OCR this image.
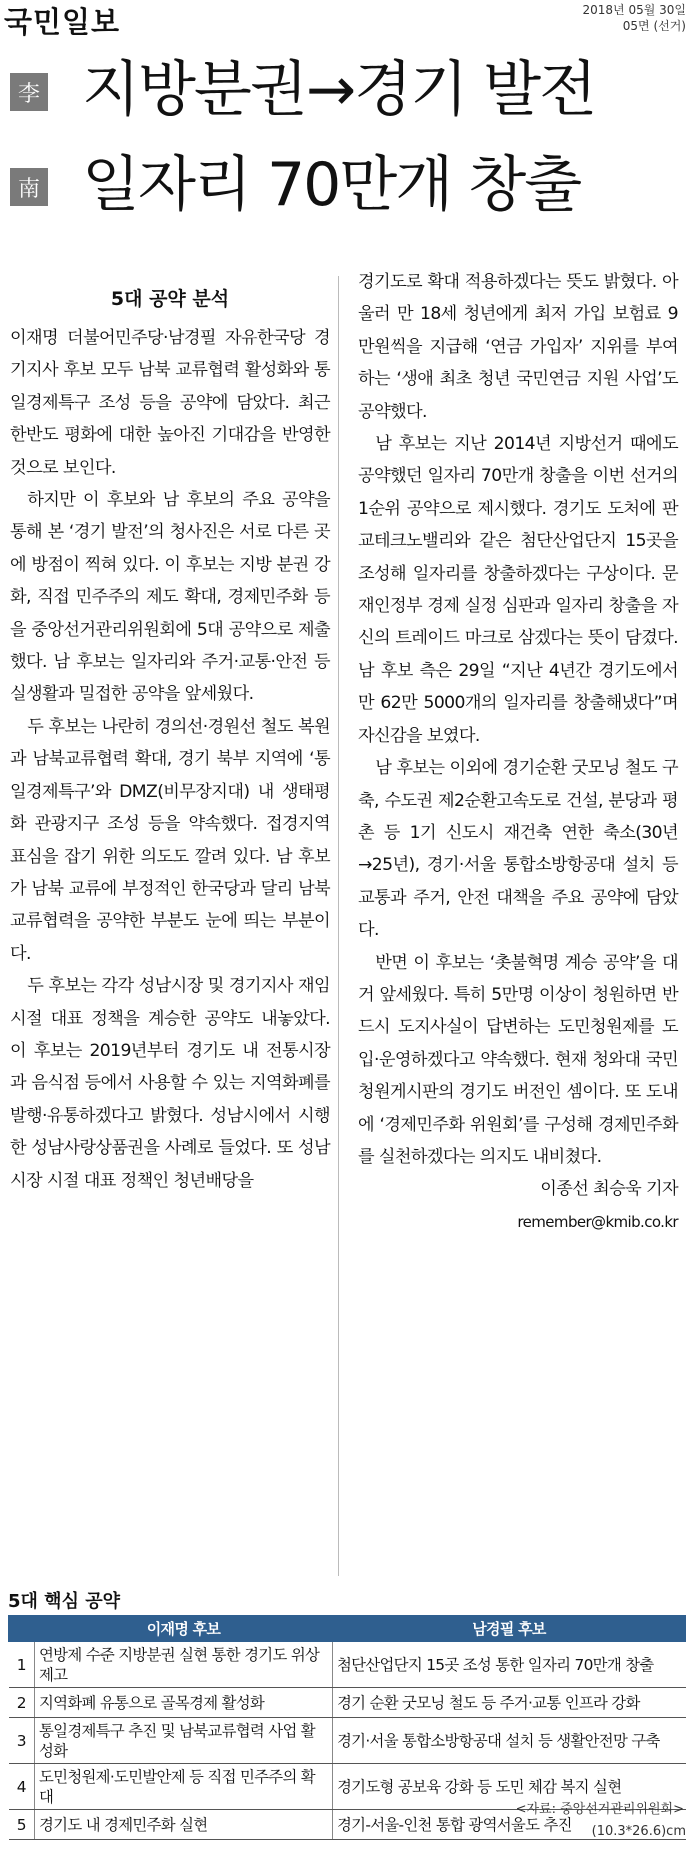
국민일보	2018년 05월 30일
05면 (선거)
李 지방분권→경기 발전
南 일자리 70만개 창출
5대 공약 분석

이재명 더불어민주당·남경필 자유한국당 경기지사 후보 모두 남북 교류협력 활성화와 통일경제특구 조성 등을 공약에 담았다. 최근 한반도 평화에 대한 높아진 기대감을 반영한 것으로 보인다.

하지만 이 후보와 남 후보의 주요 공약을 통해 본 ‘경기 발전’의 청사진은 서로 다른 곳에 방점이 찍혀 있다. 이 후보는 지방 분권 강화, 직접 민주주의 제도 확대, 경제민주화 등을 중앙선거관리위원회에 5대 공약으로 제출했다. 남 후보는 일자리와 주거·교통·안전 등 실생활과 밀접한 공약을 앞세웠다.

두 후보는 나란히 경의선·경원선 철도 복원과 남북교류협력 확대, 경기 북부 지역에 ‘통일경제특구’와 DMZ(비무장지대) 내 생태평화 관광지구 조성 등을 약속했다. 접경지역 표심을 잡기 위한 의도도 깔려 있다. 남 후보가 남북 교류에 부정적인 한국당과 달리 남북 교류협력을 공약한 부분도 눈에 띄는 부분이다.

두 후보는 각각 성남시장 및 경기지사 재임 시절 대표 정책을 계승한 공약도 내놓았다. 이 후보는 2019년부터 경기도 내 전통시장과 음식점 등에서 사용할 수 있는 지역화폐를 발행·유통하겠다고 밝혔다. 성남시에서 시행한 성남사랑상품권을 사례로 들었다. 또 성남시장 시절 대표 정책인 청년배당을

경기도로 확대 적용하겠다는 뜻도 밝혔다. 아울러 만 18세 청년에게 최저 가입 보험료 9만원씩을 지급해 ‘연금 가입자’ 지위를 부여하는 ‘생애 최초 청년 국민연금 지원 사업’도 공약했다.

남 후보는 지난 2014년 지방선거 때에도 공약했던 일자리 70만개 창출을 이번 선거의 1순위 공약으로 제시했다. 경기도 도처에 판교테크노밸리와 같은 첨단산업단지 15곳을 조성해 일자리를 창출하겠다는 구상이다. 문재인정부 경제 실정 심판과 일자리 창출을 자신의 트레이드 마크로 삼겠다는 뜻이 담겼다. 남 후보 측은 29일 “지난 4년간 경기도에서만 62만 5000개의 일자리를 창출해냈다”며 자신감을 보였다.

남 후보는 이외에 경기순환 굿모닝 철도 구축, 수도권 제2순환고속도로 건설, 분당과 평촌 등 1기 신도시 재건축 연한 축소(30년→25년), 경기·서울 통합소방항공대 설치 등 교통과 주거, 안전 대책을 주요 공약에 담았다.

반면 이 후보는 ‘촛불혁명 계승 공약’을 대거 앞세웠다. 특히 5만명 이상이 청원하면 반드시 도지사실이 답변하는 도민청원제를 도입·운영하겠다고 약속했다. 현재 청와대 국민청원게시판의 경기도 버전인 셈이다. 또 도내에 ‘경제민주화 위원회’를 구성해 경제민주화를 실천하겠다는 의지도 내비쳤다.

이종선 최승욱 기자
remember@kmib.co.kr
5대 핵심 공약
	이재명 후보	남경필 후보
1	연방제 수준 지방분권 실현 통한 경기도 위상 제고	첨단산업단지 15곳 조성 통한 일자리 70만개 창출
2	지역화폐 유통으로 골목경제 활성화	경기 순환 굿모닝 철도 등 주거·교통 인프라 강화
3	통일경제특구 추진 및 남북교류협력 사업 활성화	경기·서울 통합소방항공대 설치 등 생활안전망 구축
4	도민청원제·도민발안제 등 직접 민주주의 확대	경기도형 공보육 강화 등 도민 체감 복지 실현
5	경기도 내 경제민주화 실현	경기-서울-인천 통합 광역서울도 추진
<자료: 중앙선거관리위원회>
(10.3*26.6)cm
